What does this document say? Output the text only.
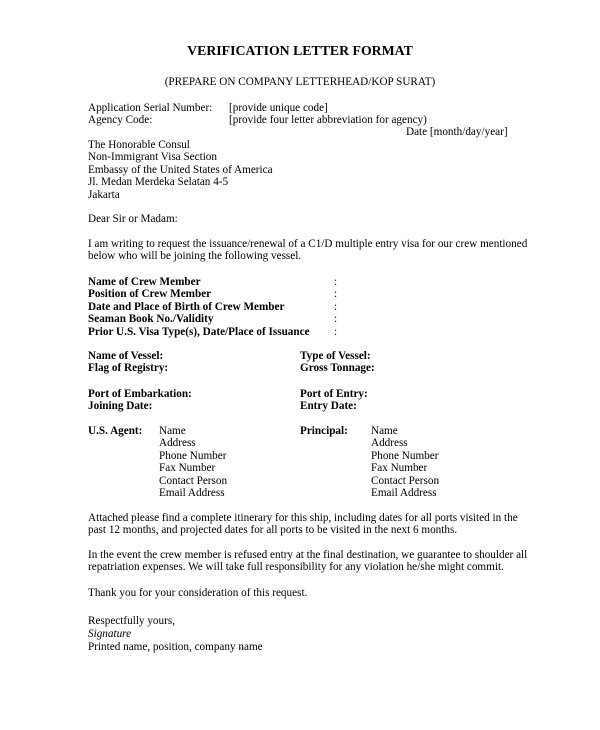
VERIFICATION LETTER FORMAT
(PREPARE ON COMPANY LETTERHEAD/KOP SURAT)
Application Serial Number: [provide unique code]
Agency Code:	[provide four letter abbreviation for agency)
Date [month/day/year]
The Honorable Consul
Non-Immigrant Visa Section
Embassy of the United States of America
Jl. Medan Merdeka Selatan 4-5
Jakarta
Dear Sir or Madam:
I am writing to request the issuance/renewal of a C1/D multiple entry visa for our crew mentioned below who will be joining the following vessel.
Name of Crew Member
Position of Crew Member
Date and Place of Birth of Crew Member
Seaman Book No./Validity
Prior U.S. Visa Type(s), Date/Place of Issuance
:
:
:
:
:
Name of Vessel:
Flag of Registry:
Type of Vessel:
Gross Tonnage:
Port of Embarkation:
Joining Date:
Port of Entry:
Entry Date:
U.S. Agent: Name
Address
Phone Number
Fax Number
Contact Person
Email Address
Principal: Name
Address
Phone Number
Fax Number
Contact Person
Email Address
Attached please find a complete itinerary for this ship, including dates for all ports visited in the past 12 months, and projected dates for all ports to be visited in the next 6 months.
In the event the crew member is refused entry at the final destination, we guarantee to shoulder all repatriation expenses. We will take full responsibility for any violation he/she might commit.
Thank you for your consideration of this request.
Respectfully yours,
Signature
Printed name, position, company name
